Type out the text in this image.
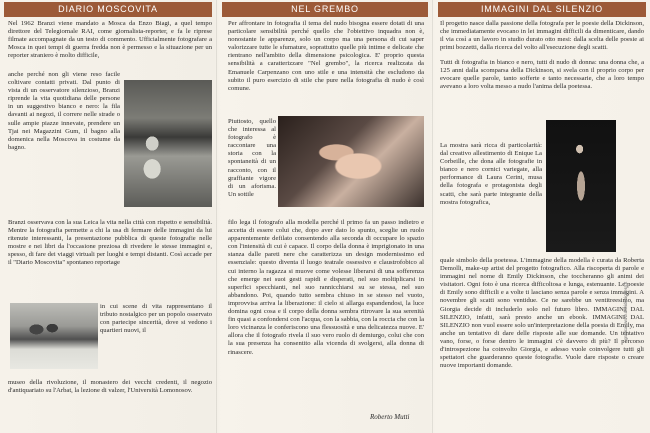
DIARIO MOSCOVITA

Nel 1962 Branzi viene mandato a Mosca da Enzo Biagi, a quel tempo direttore del Telegiornale RAI, come giornalista-reporter, e fa le riprese filmate accompagnate da un testo di commento. Ufficialmente fotografare a Mosca in quei tempi di guerra fredda non è permesso e la situazione per un reporter straniero è molto difficile,

anche perché non gli viene reso facile coltivare contatti privati. Dal punto di vista di un osservatore silenzioso, Branzi riprende la vita quotidiana delle persone in un suggestivo bianco e nero: la fila davanti ai negozi, il correre nelle strade o sulle ampie piazze innevate, prendere un Tjai nei Magazzini Gum, il bagno alla domenica nella Moscova in costume da bagno.

Branzi osservava con la sua Leica la vita nella città con rispetto e sensibilità. Mentre la fotografia permette a chi la usa di fermare delle immagini da lui ritenute interessanti, la presentazione pubblica di queste fotografie nelle mostre e nei libri da l'occasione preziosa di rivedere le stesse immagini e, spesso, di fare dei viaggi virtuali per luoghi e tempi distanti. Così accade per il "Diario Moscovita" spontaneo reportage

in cui scene di vita rappresentano il tributo nostalgico per un popolo osservato con partecipe sincerità, dove si vedono i quartieri nuovi, il

museo della rivoluzione, il monastero dei vecchi credenti, il negozio d'antiquariato su l'Arbat, la lezione di valzer, l'Università Lomonosov.

NEL GREMBO

Per affrontare in fotografia il tema del nudo bisogna essere dotati di una particolare sensibilità perché quello che l'obiettivo inquadra non è, nonostante le apparenze, solo un corpo ma una persona di cui saper valorizzare tutte le sfumature, soprattutto quelle più intime e delicate che rientrano nell'ambito della dimensione psicologica. E' proprio questa sensibilità a caratterizzare "Nel grembo", la ricerca realizzata da Emanuele Carpenzano con uno stile e una intensità che escludono da subito il puro esercizio di stile che pure nella fotografia di nudo è così comune.

Piuttosto, quello che interessa al fotografo è raccontare una storia con la spontaneità di un racconto, con il graffiante vigore di un aforisma. Un sottile

filo lega il fotografo alla modella perché il primo fa un passo indietro e accetta di essere colui che, dopo aver dato lo spunto, sceglie un ruolo apparentemente defilato consentendo alla seconda di occupare lo spazio con l'intensità di cui è capace. Il corpo della donna è imprigionato in una stanza dalle pareti nere che caratterizza un design modernissimo ed essenziale: questo diventa il luogo teatrale ossessivo e claustrofobico al cui interno la ragazza si muove come volesse liberarsi di una sofferenza che emerge nei suoi gesti rapidi e disperati, nel suo moltiplicarsi in superfici specchianti, nel suo rannicchiarsi su se stessa, nel suo abbandono. Poi, quando tutto sembra chiuso in se stesso nel vuoto, improvvisa arriva la liberazione: il cielo si allarga espandendosi, la luce domina ogni cosa e il corpo della donna sembra ritrovare la sua serenità fin quasi a confondersi con l'acqua, con la sabbia, con la roccia che con la loro vicinanza le conferiscono una flessuosità e una delicatezza nuove. E' allora che il fotografo rivela il suo vero ruolo di demiurgo, colui che con la sua presenza ha consentito alla vicenda di svolgersi, alla donna di rinascere.

Roberto Mutti
IMMAGINI DAL SILENZIO

Il progetto nasce dalla passione della fotografa per le poesie della Dickinson, che immediatamente evocano in lei immagini difficili da dimenticare, dando il via così a un lavoro in studio durato otto mesi: dalla scelta delle poesie ai primi bozzetti, dalla ricerca del volto all'esecuzione degli scatti.

Tutti di fotografia in bianco e nero, tutti di nudo di donna: una donna che, a 125 anni dalla scomparsa della Dickinson, si svela con il proprio corpo per evocare quelle parole, tanto sofferte e tanto necessarie, che a loro tempo avevano a loro volta messo a nudo l'anima della poetessa.

La mostra sarà ricca di particolarità: dal creativo allestimento di Enique La Corbeille, che dona alle fotografie in bianco e nero cornici variegate, alla performance di Laura Cerini, musa della fotografa e protagonista degli scatti, che sarà parte integrante della mostra fotografica,

quale simbolo della poetessa. L'immagine della modella è curata da Roberta Demolli, make-up artist del progetto fotografico. Alla riscoperta di parole e immagini nel nome di Emily Dickinson, che toccheranno gli animi dei visitatori. Ogni foto è una ricerca difficoltosa e lunga, estenuante. Le poesie di Emily sono difficili e a volte ti lasciano senza parole e senza immagini. A novembre gli scatti sono ventidue. Ce ne sarebbe un ventitreesimo, ma Giorgia decide di includerlo solo nel futuro libro. IMMAGINI DAL SILENZIO, infatti, sarà presto anche un ebook. IMMAGINI DAL SILENZIO non vuol essere solo un'interpretazione della poesia di Emily, ma anche un tentativo di dare delle risposte alle sue domande. Un tentativo vano, forse, o forse dentro le immagini c'è davvero di più? Il percorso d'introspezione ha coinvolto Giorgia, e adesso vuole coinvolgere tutti gli spettatori che guarderanno queste fotografie. Vuole dare risposte o creare nuove importanti domande.

grafica: www.davidesighera.it
